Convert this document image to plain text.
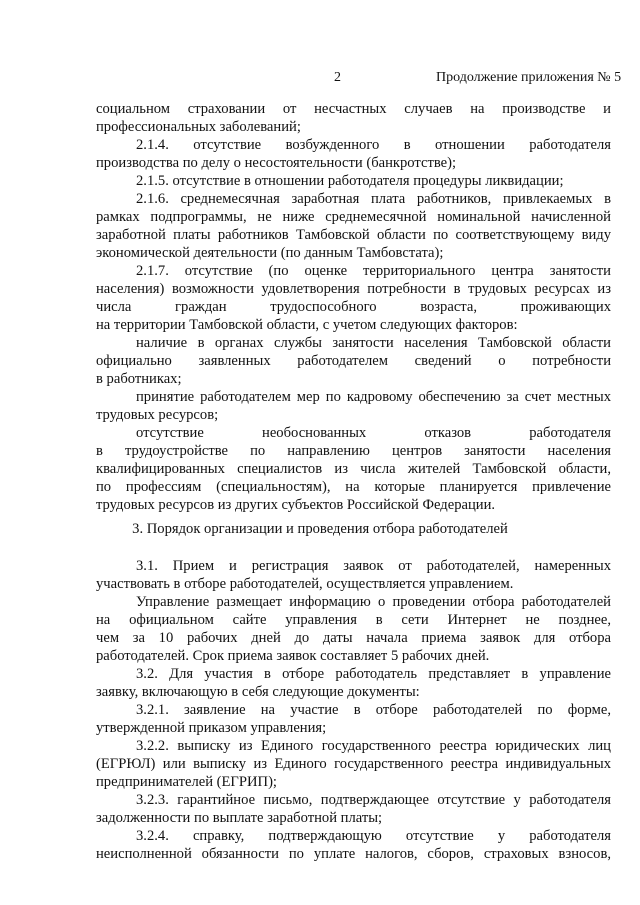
2	Продолжение приложения № 5
социальном страховании от несчастных случаев на производстве и
профессиональных заболеваний;
2.1.4. отсутствие возбужденного в отношении работодателя
производства по делу о несостоятельности (банкротстве);
2.1.5. отсутствие в отношении работодателя процедуры ликвидации;
2.1.6. среднемесячная заработная плата работников, привлекаемых в
рамках подпрограммы, не ниже среднемесячной номинальной начисленной
заработной платы работников Тамбовской области по соответствующему виду
экономической деятельности (по данным Тамбовстата);
2.1.7. отсутствие (по оценке территориального центра занятости
населения) возможности удовлетворения потребности в трудовых ресурсах из
числа граждан трудоспособного возраста, проживающих
на территории Тамбовской области, с учетом следующих факторов:
наличие в органах службы занятости населения Тамбовской области
официально заявленных работодателем сведений о потребности
в работниках;
принятие работодателем мер по кадровому обеспечению за счет местных
трудовых ресурсов;
отсутствие необоснованных отказов работодателя
в трудоустройстве по направлению центров занятости населения
квалифицированных специалистов из числа жителей Тамбовской области,
по профессиям (специальностям), на которые планируется привлечение
трудовых ресурсов из других субъектов Российской Федерации.
3. Порядок организации и проведения отбора работодателей
3.1. Прием и регистрация заявок от работодателей, намеренных
участвовать в отборе работодателей, осуществляется управлением.
Управление размещает информацию о проведении отбора работодателей
на официальном сайте управления в сети Интернет не позднее,
чем за 10 рабочих дней до даты начала приема заявок для отбора
работодателей. Срок приема заявок составляет 5 рабочих дней.
3.2. Для участия в отборе работодатель представляет в управление
заявку, включающую в себя следующие документы:
3.2.1. заявление на участие в отборе работодателей по форме,
утвержденной приказом управления;
3.2.2. выписку из Единого государственного реестра юридических лиц
(ЕГРЮЛ) или выписку из Единого государственного реестра индивидуальных
предпринимателей (ЕГРИП);
3.2.3. гарантийное письмо, подтверждающее отсутствие у работодателя
задолженности по выплате заработной платы;
3.2.4. справку, подтверждающую отсутствие у работодателя
неисполненной обязанности по уплате налогов, сборов, страховых взносов,
